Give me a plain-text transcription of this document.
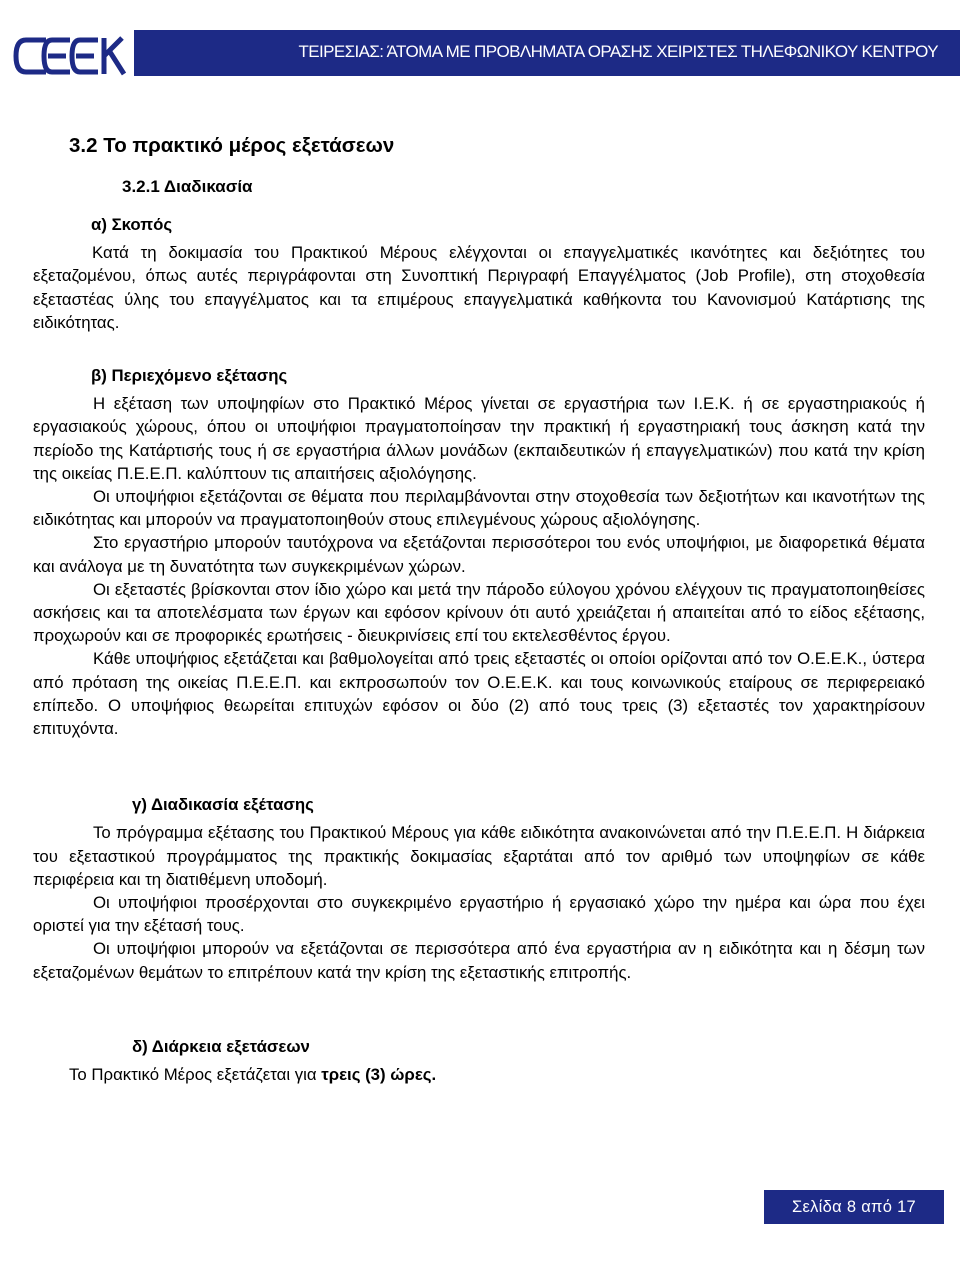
ΤΕΙΡΕΣΙΑΣ: ΆΤΟΜΑ ΜΕ ΠΡΟΒΛΗΜΑΤΑ ΟΡΑΣΗΣ ΧΕΙΡΙΣΤΕΣ ΤΗΛΕΦΩΝΙΚΟΥ ΚΕΝΤΡΟΥ
3.2 Το πρακτικό μέρος εξετάσεων
3.2.1 Διαδικασία
α) Σκοπός

Κατά τη δοκιμασία του Πρακτικού Μέρους ελέγχονται οι επαγγελματικές ικανότητες και δεξιότητες του εξεταζομένου, όπως αυτές περιγράφονται στη Συνοπτική Περιγραφή Επαγγέλματος (Job Profile), στη στοχοθεσία εξεταστέας ύλης του επαγγέλματος και τα επιμέρους επαγγελματικά καθήκοντα του Κανονισμού Κατάρτισης της ειδικότητας.

β) Περιεχόμενο εξέτασης

Η εξέταση των υποψηφίων στο Πρακτικό Μέρος γίνεται σε εργαστήρια των Ι.Ε.Κ. ή σε εργαστηριακούς ή εργασιακούς χώρους, όπου οι υποψήφιοι πραγματοποίησαν την πρακτική ή εργαστηριακή τους άσκηση κατά την περίοδο της Κατάρτισής τους ή σε εργαστήρια άλλων μονάδων (εκπαιδευτικών ή επαγγελματικών) που κατά την κρίση της οικείας Π.Ε.Ε.Π. καλύπτουν τις απαιτήσεις αξιολόγησης.

Οι υποψήφιοι εξετάζονται σε θέματα που περιλαμβάνονται στην στοχοθεσία των δεξιοτήτων και ικανοτήτων της ειδικότητας και μπορούν να πραγματοποιηθούν στους επιλεγμένους χώρους αξιολόγησης.

Στο εργαστήριο μπορούν ταυτόχρονα να εξετάζονται περισσότεροι του ενός υποψήφιοι, με διαφορετικά θέματα και ανάλογα με τη δυνατότητα των συγκεκριμένων χώρων.

Οι εξεταστές βρίσκονται στον ίδιο χώρο και μετά την πάροδο εύλογου χρόνου ελέγχουν τις πραγματοποιηθείσες ασκήσεις και τα αποτελέσματα των έργων και εφόσον κρίνουν ότι αυτό χρειάζεται ή απαιτείται από το είδος εξέτασης, προχωρούν και σε προφορικές ερωτήσεις - διευκρινίσεις επί του εκτελεσθέντος έργου.

Κάθε υποψήφιος εξετάζεται και βαθμολογείται από τρεις εξεταστές οι οποίοι ορίζονται από τον Ο.Ε.Ε.Κ., ύστερα από πρόταση της οικείας Π.Ε.Ε.Π. και εκπροσωπούν τον Ο.Ε.Ε.Κ. και τους κοινωνικούς εταίρους σε περιφερειακό επίπεδο. Ο υποψήφιος θεωρείται επιτυχών εφόσον οι δύο (2) από τους τρεις (3) εξεταστές τον χαρακτηρίσουν επιτυχόντα.

γ) Διαδικασία εξέτασης

Το πρόγραμμα εξέτασης του Πρακτικού Μέρους για κάθε ειδικότητα ανακοινώνεται από την Π.Ε.Ε.Π. Η διάρκεια του εξεταστικού προγράμματος της πρακτικής δοκιμασίας εξαρτάται από τον αριθμό των υποψηφίων σε κάθε περιφέρεια και τη διατιθέμενη υποδομή.

Οι υποψήφιοι προσέρχονται στο συγκεκριμένο εργαστήριο ή εργασιακό χώρο την ημέρα και ώρα που έχει οριστεί για την εξέτασή τους.

Οι υποψήφιοι μπορούν να εξετάζονται σε περισσότερα από ένα εργαστήρια αν η ειδικότητα και η δέσμη των εξεταζομένων θεμάτων το επιτρέπουν κατά την κρίση της εξεταστικής επιτροπής.

δ) Διάρκεια εξετάσεων

Το Πρακτικό Μέρος εξετάζεται για τρεις (3) ώρες.

Σελίδα 8 από 17
